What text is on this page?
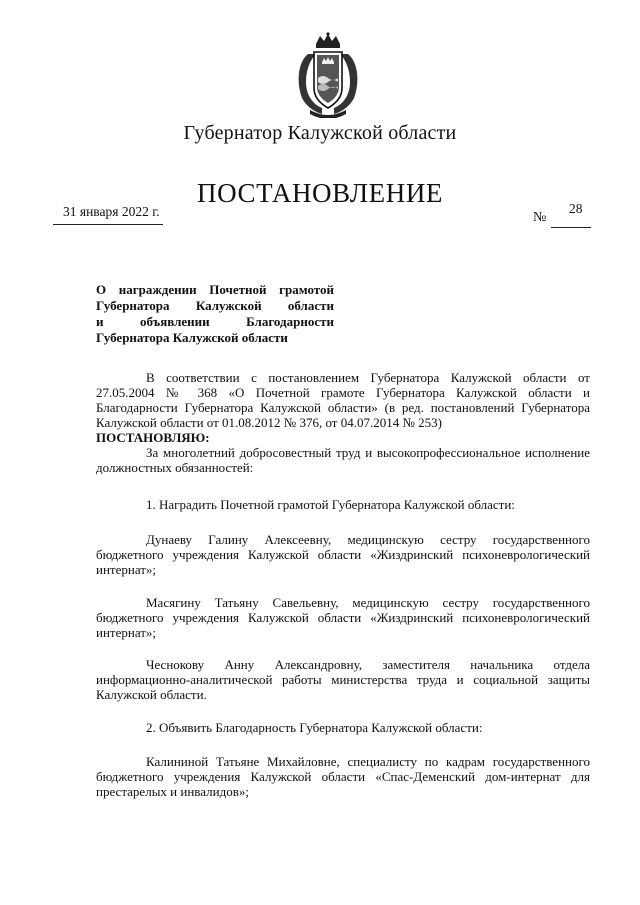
Губернатор Калужской области
ПОСТАНОВЛЕНИЕ
31 января 2022 г.	№
28
О награждении Почетной грамотой
Губернатора Калужской области
и объявлении Благодарности
Губернатора Калужской области

В соответствии с постановлением Губернатора Калужской области от 27.05.2004 № 368 «О Почетной грамоте Губернатора Калужской области и Благодарности Губернатора Калужской области» (в ред. постановлений Губернатора Калужской области от 01.08.2012 № 376, от 04.07.2014 № 253)

ПОСТАНОВЛЯЮ:

За многолетний добросовестный труд и высокопрофессиональное исполнение должностных обязанностей:

1. Наградить Почетной грамотой Губернатора Калужской области:

Дунаеву Галину Алексеевну, медицинскую сестру государственного бюджетного учреждения Калужской области «Жиздринский психоневрологический интернат»;

Масягину Татьяну Савельевну, медицинскую сестру государственного бюджетного учреждения Калужской области «Жиздринский психоневрологический интернат»;

Чеснокову Анну Александровну, заместителя начальника отдела информационно-аналитической работы министерства труда и социальной защиты Калужской области.

2. Объявить Благодарность Губернатора Калужской области:

Калининой Татьяне Михайловне, специалисту по кадрам государственного бюджетного учреждения Калужской области «Спас-Деменский дом-интернат для престарелых и инвалидов»;
